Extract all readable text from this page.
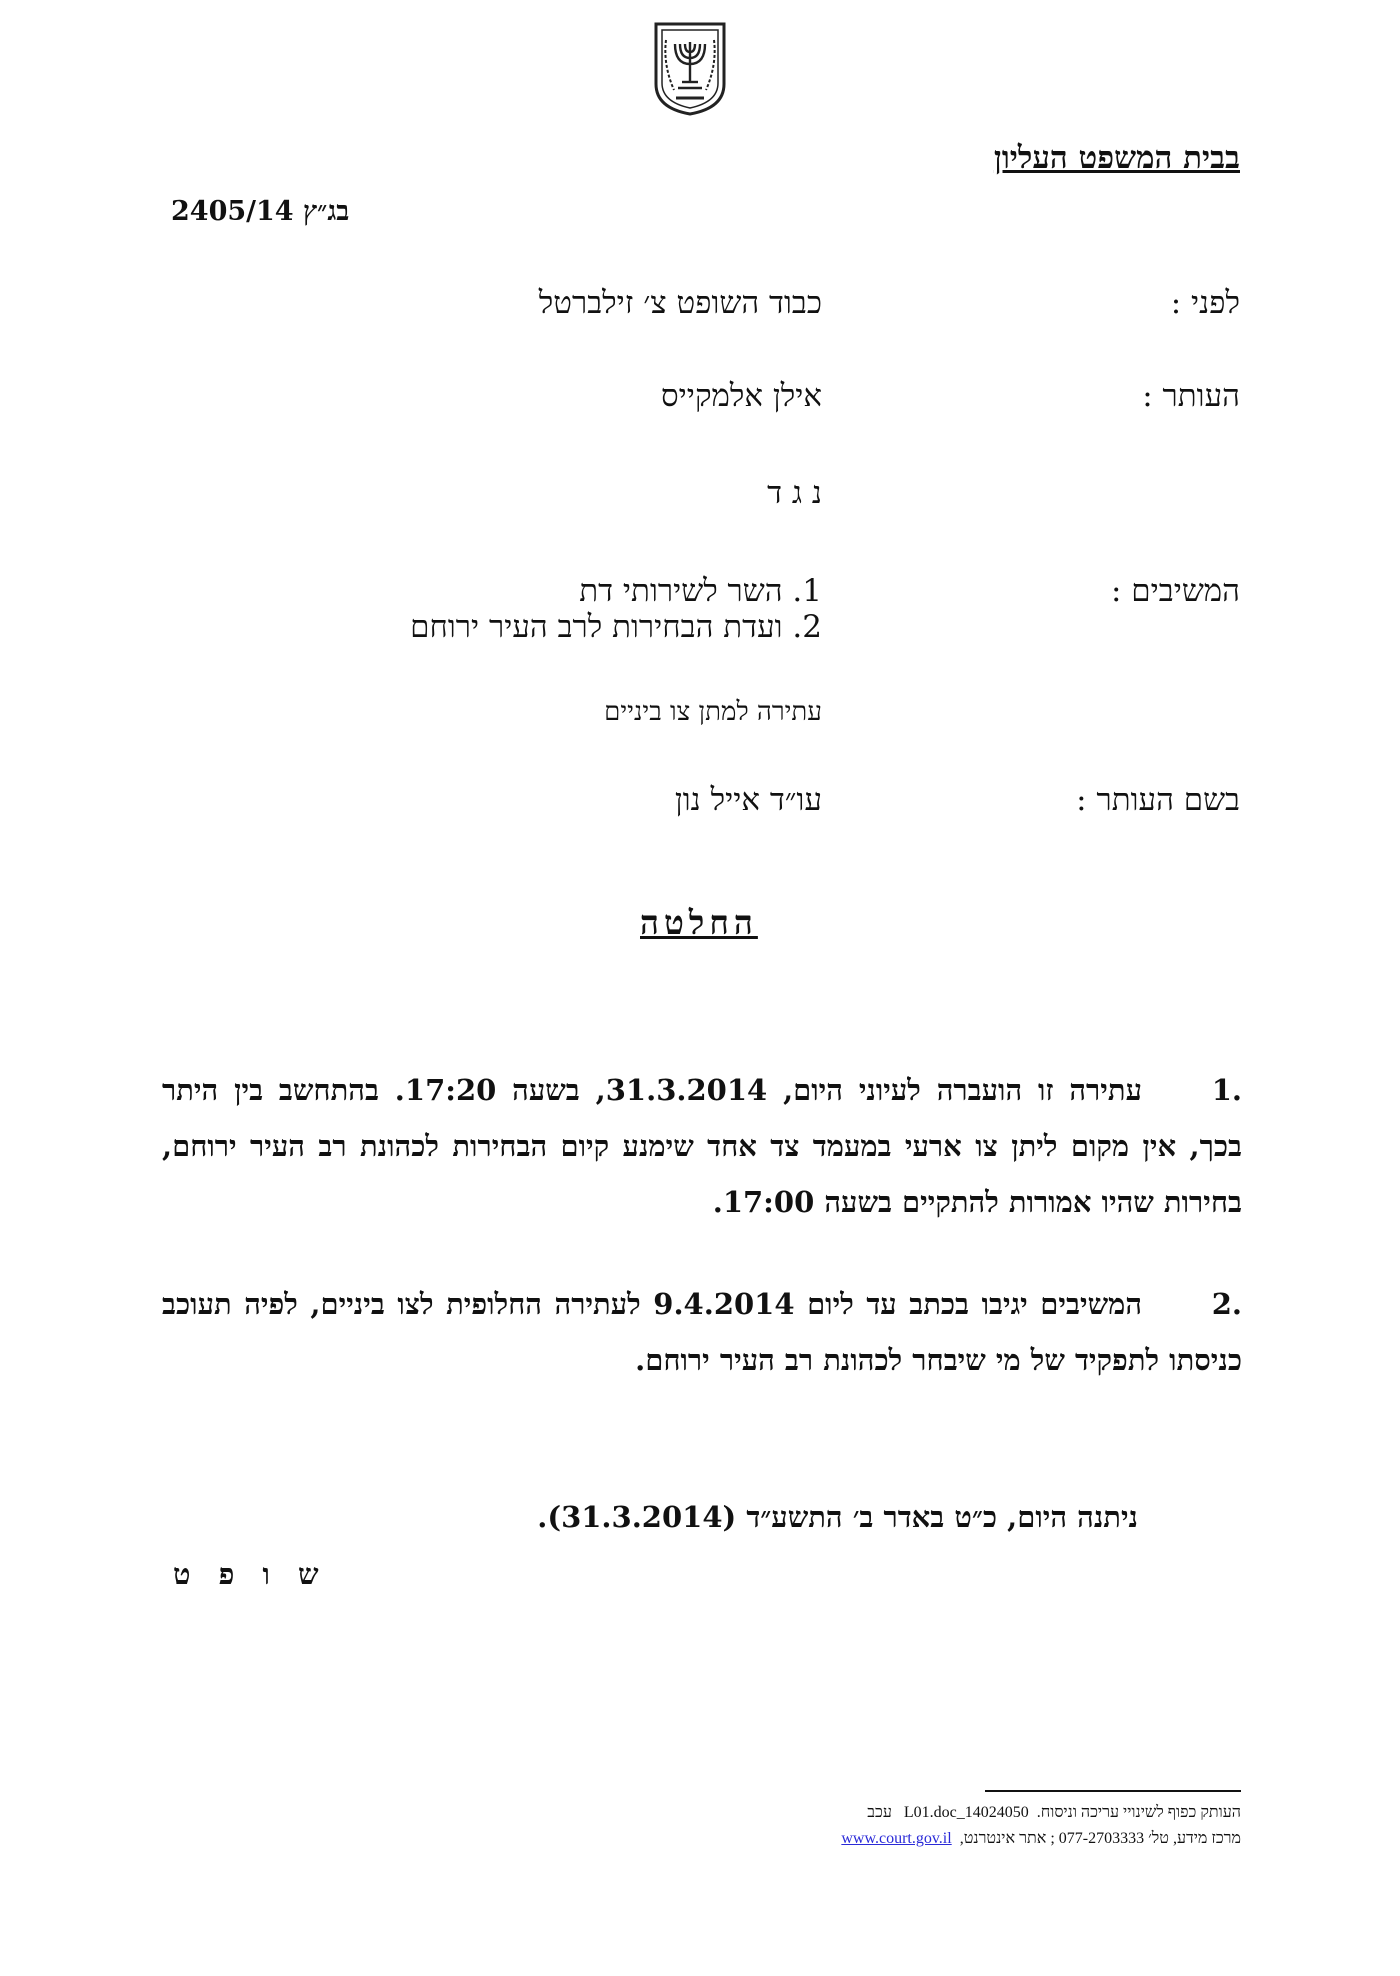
בבית המשפט העליון
בג״ץ 2405/14
לפני :
כבוד השופט צ׳ זילברטל
העותר :
אילן אלמקייס
נ ג ד
המשיבים :
1. השר לשירותי דת
2. ועדת הבחירות לרב העיר ירוחם
עתירה למתן צו ביניים
בשם העותר :
עו״ד אייל נון
החלטה
.1עתירה זו הועברה לעיוני היום, 31.3.2014, בשעה 17:20. בהתחשב בין היתר בכך, אין מקום ליתן צו ארעי במעמד צד אחד שימנע קיום הבחירות לכהונת רב העיר ירוחם, בחירות שהיו אמורות להתקיים בשעה 17:00.
.2המשיבים יגיבו בכתב עד ליום 9.4.2014 לעתירה החלופית לצו ביניים, לפיה תעוכב כניסתו לתפקיד של מי שיבחר לכהונת רב העיר ירוחם.
ניתנה היום, כ״ט באדר ב׳ התשע״ד (31.3.2014).
ש ו פ ט
העותק כפוף לשינויי עריכה וניסוח.  14024050_L01.doc   עכב
מרכז מידע, טל׳ 077-2703333 ; אתר אינטרנט,  www.court.gov.il
